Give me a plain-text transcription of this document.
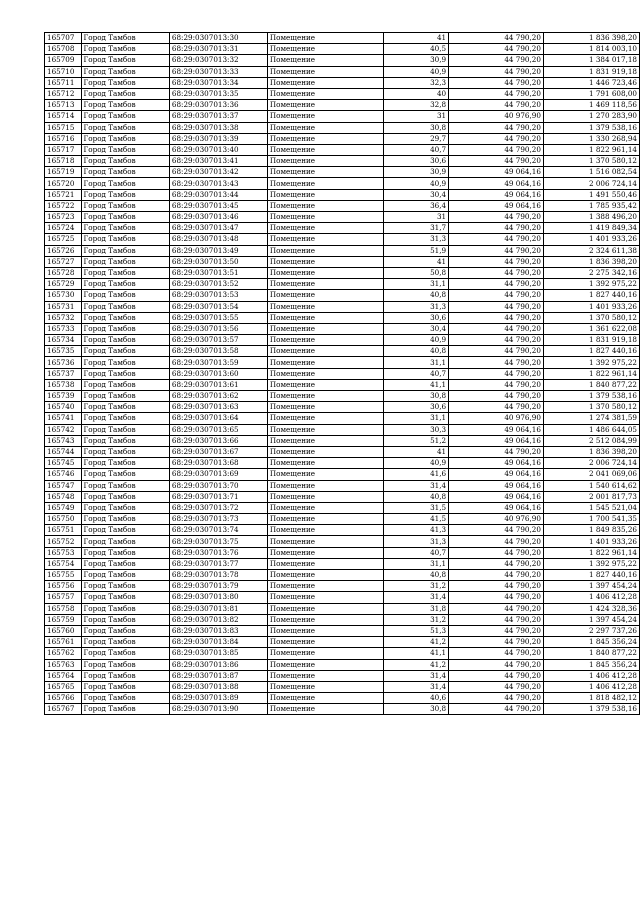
165707	Город Тамбов	68:29:0307013:30	Помещение	41	44 790,20	1 836 398,20
165708	Город Тамбов	68:29:0307013:31	Помещение	40,5	44 790,20	1 814 003,10
165709	Город Тамбов	68:29:0307013:32	Помещение	30,9	44 790,20	1 384 017,18
165710	Город Тамбов	68:29:0307013:33	Помещение	40,9	44 790,20	1 831 919,18
165711	Город Тамбов	68:29:0307013:34	Помещение	32,3	44 790,20	1 446 723,46
165712	Город Тамбов	68:29:0307013:35	Помещение	40	44 790,20	1 791 608,00
165713	Город Тамбов	68:29:0307013:36	Помещение	32,8	44 790,20	1 469 118,56
165714	Город Тамбов	68:29:0307013:37	Помещение	31	40 976,90	1 270 283,90
165715	Город Тамбов	68:29:0307013:38	Помещение	30,8	44 790,20	1 379 538,16
165716	Город Тамбов	68:29:0307013:39	Помещение	29,7	44 790,20	1 330 268,94
165717	Город Тамбов	68:29:0307013:40	Помещение	40,7	44 790,20	1 822 961,14
165718	Город Тамбов	68:29:0307013:41	Помещение	30,6	44 790,20	1 370 580,12
165719	Город Тамбов	68:29:0307013:42	Помещение	30,9	49 064,16	1 516 082,54
165720	Город Тамбов	68:29:0307013:43	Помещение	40,9	49 064,16	2 006 724,14
165721	Город Тамбов	68:29:0307013:44	Помещение	30,4	49 064,16	1 491 550,46
165722	Город Тамбов	68:29:0307013:45	Помещение	36,4	49 064,16	1 785 935,42
165723	Город Тамбов	68:29:0307013:46	Помещение	31	44 790,20	1 388 496,20
165724	Город Тамбов	68:29:0307013:47	Помещение	31,7	44 790,20	1 419 849,34
165725	Город Тамбов	68:29:0307013:48	Помещение	31,3	44 790,20	1 401 933,26
165726	Город Тамбов	68:29:0307013:49	Помещение	51,9	44 790,20	2 324 611,38
165727	Город Тамбов	68:29:0307013:50	Помещение	41	44 790,20	1 836 398,20
165728	Город Тамбов	68:29:0307013:51	Помещение	50,8	44 790,20	2 275 342,16
165729	Город Тамбов	68:29:0307013:52	Помещение	31,1	44 790,20	1 392 975,22
165730	Город Тамбов	68:29:0307013:53	Помещение	40,8	44 790,20	1 827 440,16
165731	Город Тамбов	68:29:0307013:54	Помещение	31,3	44 790,20	1 401 933,26
165732	Город Тамбов	68:29:0307013:55	Помещение	30,6	44 790,20	1 370 580,12
165733	Город Тамбов	68:29:0307013:56	Помещение	30,4	44 790,20	1 361 622,08
165734	Город Тамбов	68:29:0307013:57	Помещение	40,9	44 790,20	1 831 919,18
165735	Город Тамбов	68:29:0307013:58	Помещение	40,8	44 790,20	1 827 440,16
165736	Город Тамбов	68:29:0307013:59	Помещение	31,1	44 790,20	1 392 975,22
165737	Город Тамбов	68:29:0307013:60	Помещение	40,7	44 790,20	1 822 961,14
165738	Город Тамбов	68:29:0307013:61	Помещение	41,1	44 790,20	1 840 877,22
165739	Город Тамбов	68:29:0307013:62	Помещение	30,8	44 790,20	1 379 538,16
165740	Город Тамбов	68:29:0307013:63	Помещение	30,6	44 790,20	1 370 580,12
165741	Город Тамбов	68:29:0307013:64	Помещение	31,1	40 976,90	1 274 381,59
165742	Город Тамбов	68:29:0307013:65	Помещение	30,3	49 064,16	1 486 644,05
165743	Город Тамбов	68:29:0307013:66	Помещение	51,2	49 064,16	2 512 084,99
165744	Город Тамбов	68:29:0307013:67	Помещение	41	44 790,20	1 836 398,20
165745	Город Тамбов	68:29:0307013:68	Помещение	40,9	49 064,16	2 006 724,14
165746	Город Тамбов	68:29:0307013:69	Помещение	41,6	49 064,16	2 041 069,06
165747	Город Тамбов	68:29:0307013:70	Помещение	31,4	49 064,16	1 540 614,62
165748	Город Тамбов	68:29:0307013:71	Помещение	40,8	49 064,16	2 001 817,73
165749	Город Тамбов	68:29:0307013:72	Помещение	31,5	49 064,16	1 545 521,04
165750	Город Тамбов	68:29:0307013:73	Помещение	41,5	40 976,90	1 700 541,35
165751	Город Тамбов	68:29:0307013:74	Помещение	41,3	44 790,20	1 849 835,26
165752	Город Тамбов	68:29:0307013:75	Помещение	31,3	44 790,20	1 401 933,26
165753	Город Тамбов	68:29:0307013:76	Помещение	40,7	44 790,20	1 822 961,14
165754	Город Тамбов	68:29:0307013:77	Помещение	31,1	44 790,20	1 392 975,22
165755	Город Тамбов	68:29:0307013:78	Помещение	40,8	44 790,20	1 827 440,16
165756	Город Тамбов	68:29:0307013:79	Помещение	31,2	44 790,20	1 397 454,24
165757	Город Тамбов	68:29:0307013:80	Помещение	31,4	44 790,20	1 406 412,28
165758	Город Тамбов	68:29:0307013:81	Помещение	31,8	44 790,20	1 424 328,36
165759	Город Тамбов	68:29:0307013:82	Помещение	31,2	44 790,20	1 397 454,24
165760	Город Тамбов	68:29:0307013:83	Помещение	51,3	44 790,20	2 297 737,26
165761	Город Тамбов	68:29:0307013:84	Помещение	41,2	44 790,20	1 845 356,24
165762	Город Тамбов	68:29:0307013:85	Помещение	41,1	44 790,20	1 840 877,22
165763	Город Тамбов	68:29:0307013:86	Помещение	41,2	44 790,20	1 845 356,24
165764	Город Тамбов	68:29:0307013:87	Помещение	31,4	44 790,20	1 406 412,28
165765	Город Тамбов	68:29:0307013:88	Помещение	31,4	44 790,20	1 406 412,28
165766	Город Тамбов	68:29:0307013:89	Помещение	40,6	44 790,20	1 818 482,12
165767	Город Тамбов	68:29:0307013:90	Помещение	30,8	44 790,20	1 379 538,16
